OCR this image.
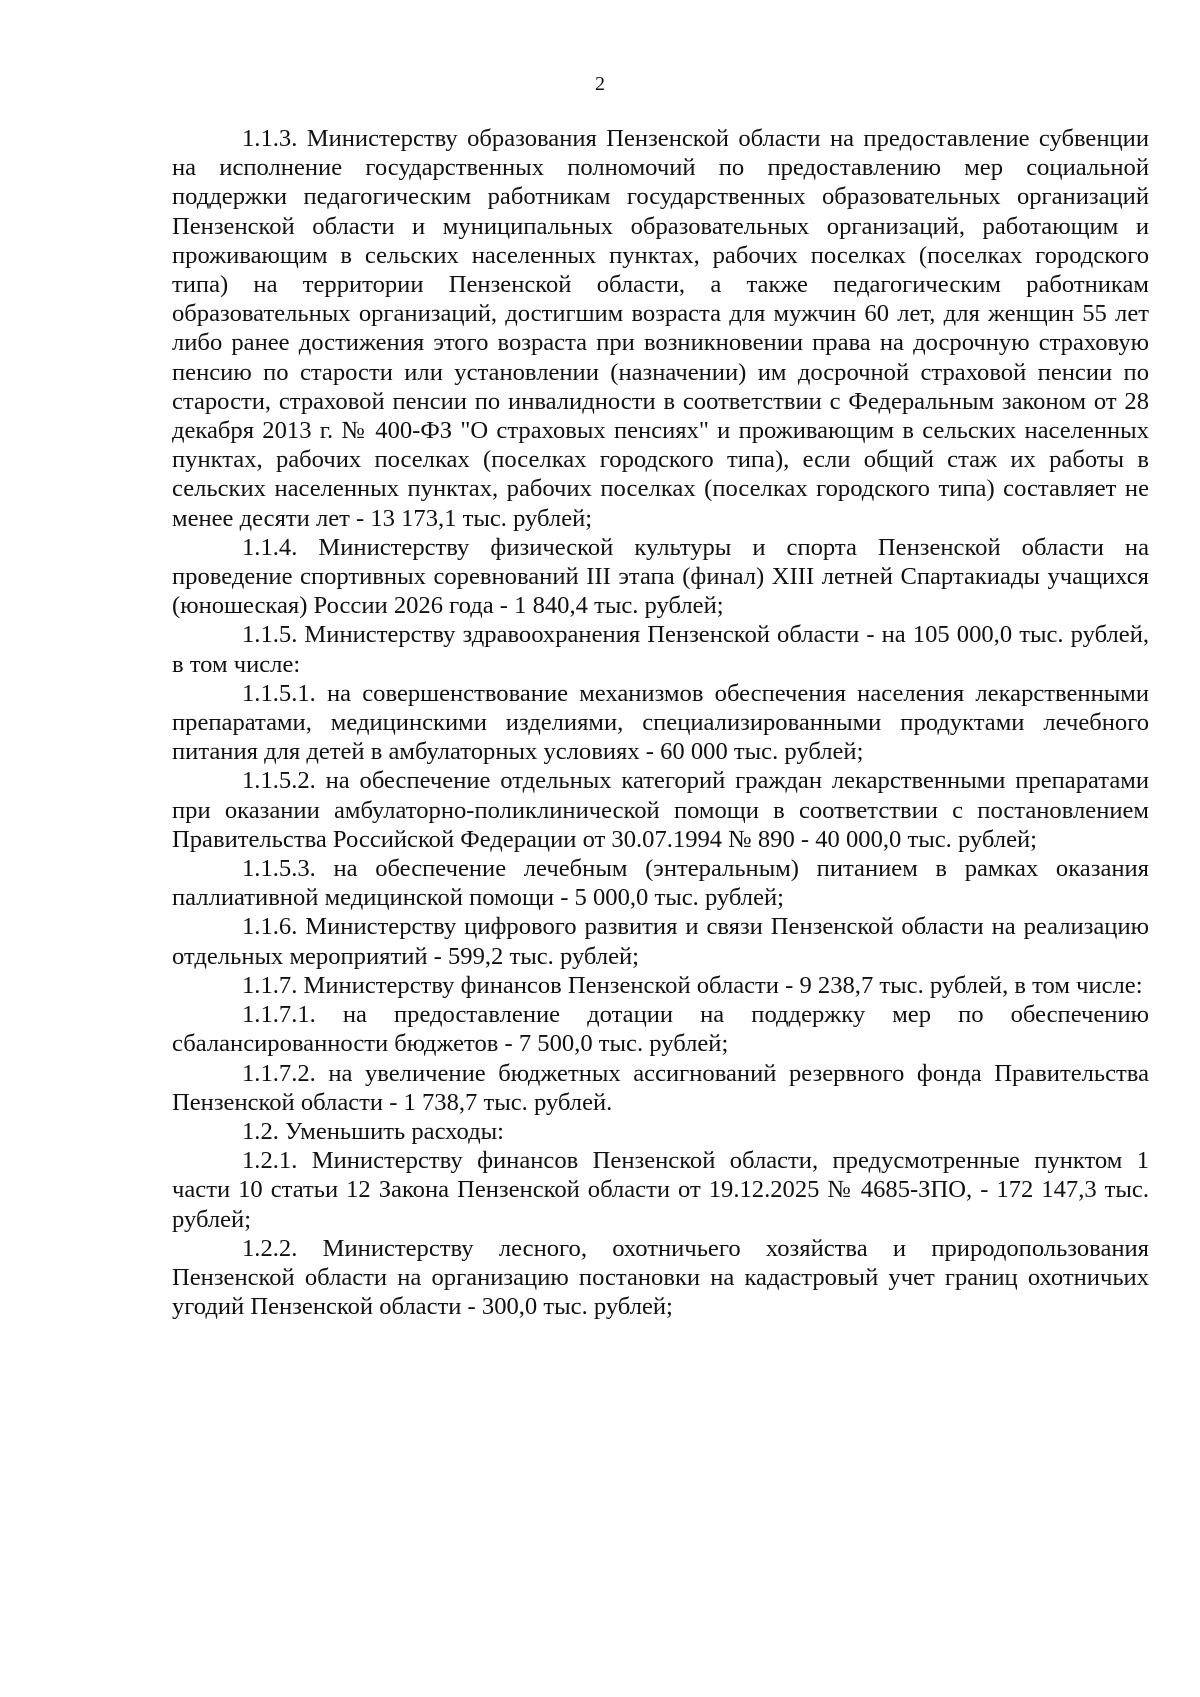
2

1.1.3. Министерству образования Пензенской области на предоставление субвенции на исполнение государственных полномочий по предоставлению мер социальной поддержки педагогическим работникам государственных образовательных организаций Пензенской области и муниципальных образовательных организаций, работающим и проживающим в сельских населенных пунктах, рабочих поселках (поселках городского типа) на территории Пензенской области, а также педагогическим работникам образовательных организаций, достигшим возраста для мужчин 60 лет, для женщин 55 лет либо ранее достижения этого возраста при возникновении права на досрочную страховую пенсию по старости или установлении (назначении) им досрочной страховой пенсии по старости, страховой пенсии по инвалидности в соответствии с Федеральным законом от 28 декабря 2013 г. № 400-ФЗ "О страховых пенсиях" и проживающим в сельских населенных пунктах, рабочих поселках (поселках городского типа), если общий стаж их работы в сельских населенных пунктах, рабочих поселках (поселках городского типа) составляет не менее десяти лет - 13 173,1 тыс. рублей;

1.1.4. Министерству физической культуры и спорта Пензенской области на проведение спортивных соревнований III этапа (финал) XIII летней Спартакиады учащихся (юношеская) России 2026 года - 1 840,4 тыс. рублей;

1.1.5. Министерству здравоохранения Пензенской области - на 105 000,0 тыс. рублей, в том числе:

1.1.5.1. на совершенствование механизмов обеспечения населения лекарственными препаратами, медицинскими изделиями, специализированными продуктами лечебного питания для детей в амбулаторных условиях - 60 000 тыс. рублей;

1.1.5.2. на обеспечение отдельных категорий граждан лекарственными препаратами при оказании амбулаторно-поликлинической помощи в соответствии с постановлением Правительства Российской Федерации от 30.07.1994 № 890 - 40 000,0 тыс. рублей;

1.1.5.3. на обеспечение лечебным (энтеральным) питанием в рамках оказания паллиативной медицинской помощи - 5 000,0 тыс. рублей;

1.1.6. Министерству цифрового развития и связи Пензенской области на реализацию отдельных мероприятий - 599,2 тыс. рублей;

1.1.7. Министерству финансов Пензенской области - 9 238,7 тыс. рублей, в том числе:

1.1.7.1. на предоставление дотации на поддержку мер по обеспечению сбалансированности бюджетов - 7 500,0 тыс. рублей;

1.1.7.2. на увеличение бюджетных ассигнований резервного фонда Правительства Пензенской области - 1 738,7 тыс. рублей.

1.2. Уменьшить расходы:

1.2.1. Министерству финансов Пензенской области, предусмотренные пунктом 1 части 10 статьи 12 Закона Пензенской области от 19.12.2025 № 4685-ЗПО, - 172 147,3 тыс. рублей;

1.2.2. Министерству лесного, охотничьего хозяйства и природопользования Пензенской области на организацию постановки на кадастровый учет границ охотничьих угодий Пензенской области - 300,0 тыс. рублей;
